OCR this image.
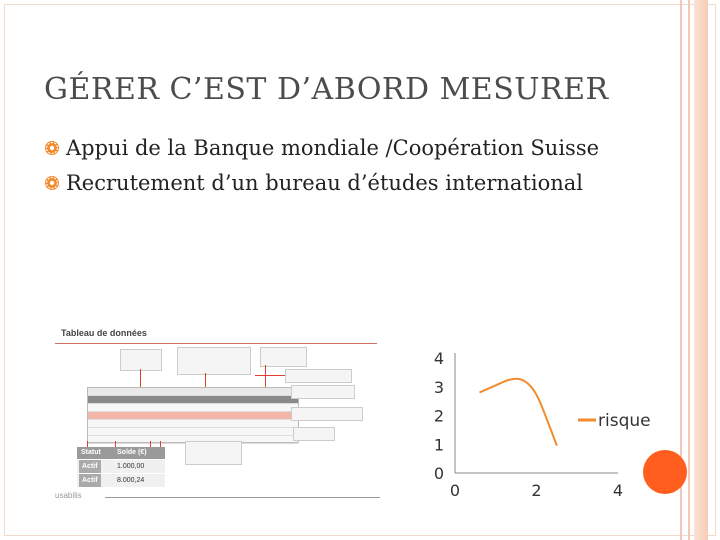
GÉRER C’EST D’ABORD MESURER
Appui de la Banque mondiale /Coopération Suisse
Recrutement d’un bureau d’études international
Tableau de données
Statut Solde (€)
Actif	1.000,00
Actif	8.000,24
usabilis
0
1
2
3
4
0	2	4
risque
